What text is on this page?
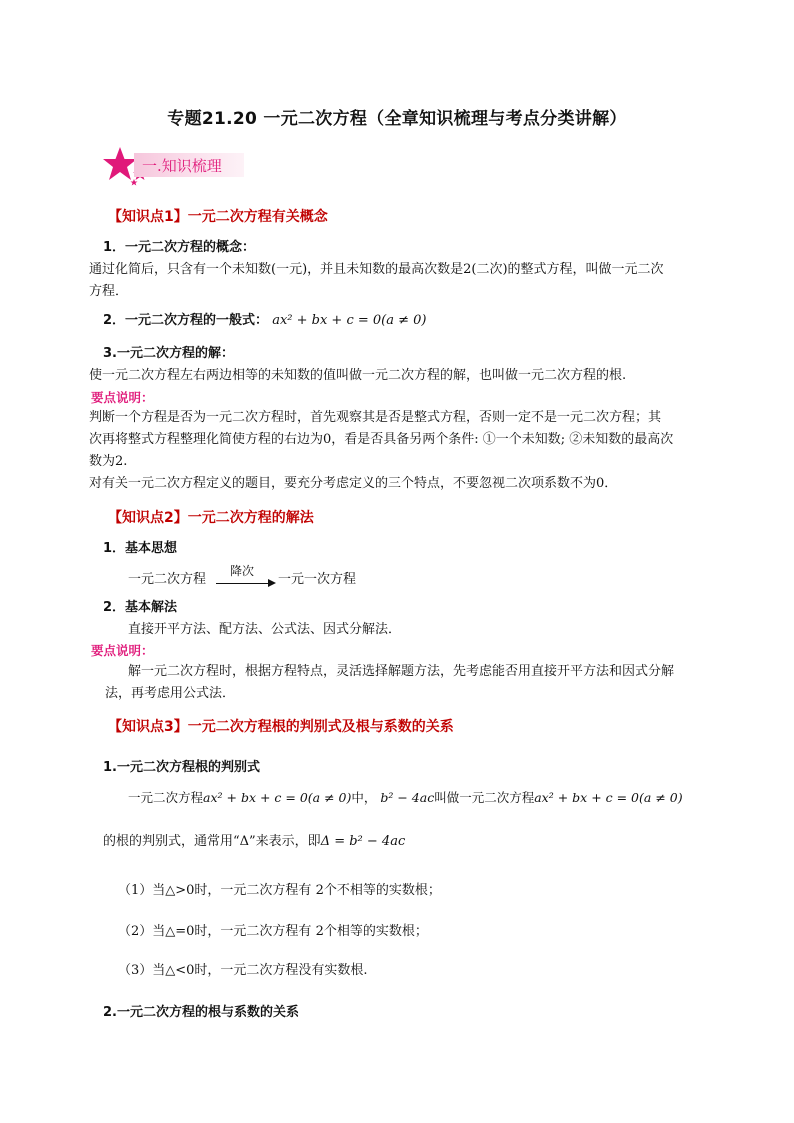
专题21.20 一元二次方程（全章知识梳理与考点分类讲解）
一.知识梳理
【知识点1】一元二次方程有关概念
1．一元二次方程的概念：
通过化简后，只含有一个未知数(一元)，并且未知数的最高次数是2(二次)的整式方程，叫做一元二次
方程．
2．一元二次方程的一般式： ax² + bx + c = 0(a ≠ 0)
3.一元二次方程的解：
使一元二次方程左右两边相等的未知数的值叫做一元二次方程的解，也叫做一元二次方程的根.
要点说明：
判断一个方程是否为一元二次方程时，首先观察其是否是整式方程，否则一定不是一元二次方程；其
次再将整式方程整理化简使方程的右边为0，看是否具备另两个条件: ①一个未知数; ②未知数的最高次
数为2.
对有关一元二次方程定义的题目，要充分考虑定义的三个特点，不要忽视二次项系数不为0．
【知识点2】一元二次方程的解法
1．基本思想
一元二次方程
降次
一元一次方程
2．基本解法
直接开平方法、配方法、公式法、因式分解法．
要点说明：
解一元二次方程时，根据方程特点，灵活选择解题方法，先考虑能否用直接开平方法和因式分解
法，再考虑用公式法．
【知识点3】一元二次方程根的判别式及根与系数的关系
1.一元二次方程根的判别式
一元二次方程ax² + bx + c = 0(a ≠ 0)中， b² − 4ac叫做一元二次方程ax² + bx + c = 0(a ≠ 0)
的根的判别式，通常用“Δ”来表示，即Δ = b² − 4ac
（1）当△>0时，一元二次方程有 2个不相等的实数根；
（2）当△=0时，一元二次方程有 2个相等的实数根；
（3）当△<0时，一元二次方程没有实数根.
2.一元二次方程的根与系数的关系
